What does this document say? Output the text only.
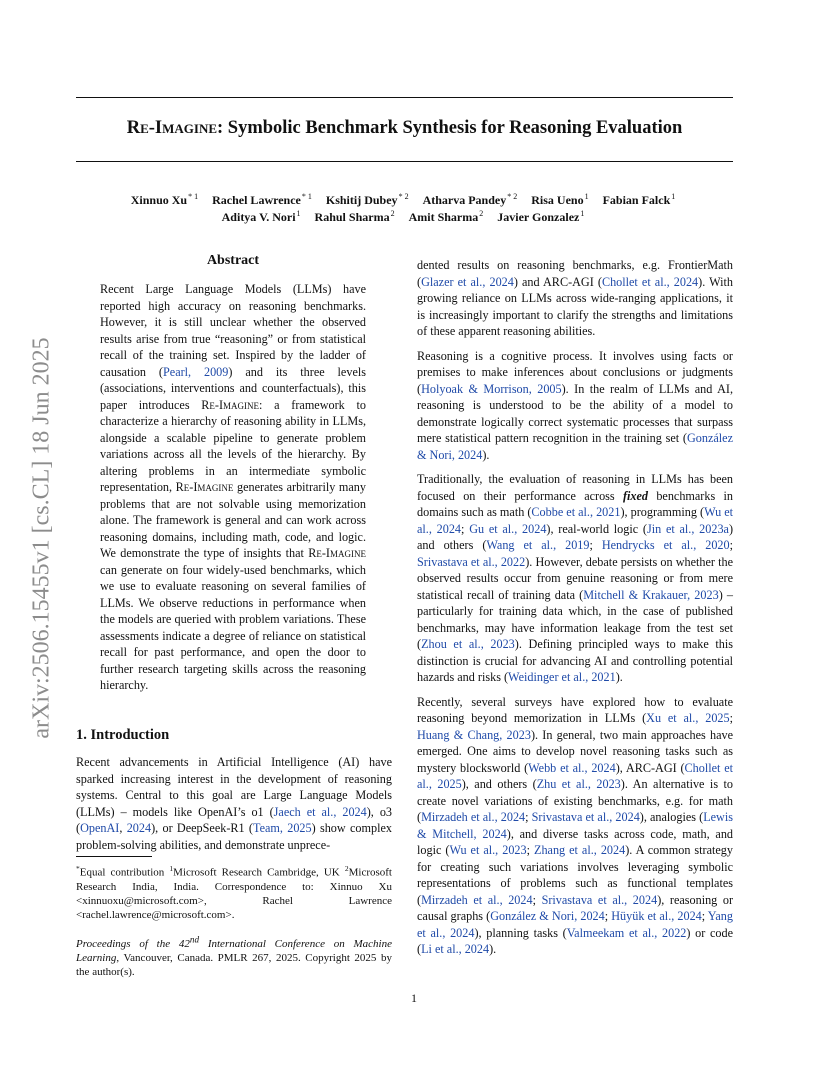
Re-Imagine: Symbolic Benchmark Synthesis for Reasoning Evaluation
Xinnuo Xu$^{* 1}$ Rachel Lawrence$^{* 1}$ Kshitij Dubey$^{* 2}$ Atharva Pandey$^{* 2}$ Risa Ueno$^1$ Fabian Falck$^1$
Aditya V. Nori$^1$ Rahul Sharma$^2$ Amit Sharma$^2$ Javier Gonzalez$^1$
arXiv:2506.15455v1 [cs.CL] 18 Jun 2025
Abstract
Recent Large Language Models (LLMs) have reported high accuracy on reasoning benchmarks. However, it is still unclear whether the observed results arise from true “reasoning” or from statistical recall of the training set. Inspired by the ladder of causation (Pearl, 2009) and its three levels (associations, interventions and counterfactuals), this paper introduces Re-Imagine: a framework to characterize a hierarchy of reasoning ability in LLMs, alongside a scalable pipeline to generate problem variations across all the levels of the hierarchy. By altering problems in an intermediate symbolic representation, Re-Imagine generates arbitrarily many problems that are not solvable using memorization alone. The framework is general and can work across reasoning domains, including math, code, and logic. We demonstrate the type of insights that Re-Imagine can generate on four widely-used benchmarks, which we use to evaluate reasoning on several families of LLMs. We observe reductions in performance when the models are queried with problem variations. These assessments indicate a degree of reliance on statistical recall for past performance, and open the door to further research targeting skills across the reasoning hierarchy.
1. Introduction
Recent advancements in Artificial Intelligence (AI) have sparked increasing interest in the development of reasoning systems. Central to this goal are Large Language Models (LLMs) – models like OpenAI’s o1 (Jaech et al., 2024), o3 (OpenAI, 2024), or DeepSeek-R1 (Team, 2025) show complex problem-solving abilities, and demonstrate unprece-
*Equal contribution $^1$Microsoft Research Cambridge, UK $^2$Microsoft Research India, India. Correspondence to: Xinnuo Xu <xinnuoxu@microsoft.com>, Rachel Lawrence <rachel.lawrence@microsoft.com>.
Proceedings of the 42nd International Conference on Machine Learning, Vancouver, Canada. PMLR 267, 2025. Copyright 2025 by the author(s).

dented results on reasoning benchmarks, e.g. FrontierMath (Glazer et al., 2024) and ARC-AGI (Chollet et al., 2024). With growing reliance on LLMs across wide-ranging applications, it is increasingly important to clarify the strengths and limitations of these apparent reasoning abilities.

Reasoning is a cognitive process. It involves using facts or premises to make inferences about conclusions or judgments (Holyoak & Morrison, 2005). In the realm of LLMs and AI, reasoning is understood to be the ability of a model to demonstrate logically correct systematic processes that surpass mere statistical pattern recognition in the training set (González & Nori, 2024).

Traditionally, the evaluation of reasoning in LLMs has been focused on their performance across fixed benchmarks in domains such as math (Cobbe et al., 2021), programming (Wu et al., 2024; Gu et al., 2024), real-world logic (Jin et al., 2023a) and others (Wang et al., 2019; Hendrycks et al., 2020; Srivastava et al., 2022). However, debate persists on whether the observed results occur from genuine reasoning or from mere statistical recall of training data (Mitchell & Krakauer, 2023) – particularly for training data which, in the case of published benchmarks, may have information leakage from the test set (Zhou et al., 2023). Defining principled ways to make this distinction is crucial for advancing AI and controlling potential hazards and risks (Weidinger et al., 2021).

Recently, several surveys have explored how to evaluate reasoning beyond memorization in LLMs (Xu et al., 2025; Huang & Chang, 2023). In general, two main approaches have emerged. One aims to develop novel reasoning tasks such as mystery blocksworld (Webb et al., 2024), ARC-AGI (Chollet et al., 2025), and others (Zhu et al., 2023). An alternative is to create novel variations of existing benchmarks, e.g. for math (Mirzadeh et al., 2024; Srivastava et al., 2024), analogies (Lewis & Mitchell, 2024), and diverse tasks across code, math, and logic (Wu et al., 2023; Zhang et al., 2024). A common strategy for creating such variations involves leveraging symbolic representations of problems such as functional templates (Mirzadeh et al., 2024; Srivastava et al., 2024), reasoning or causal graphs (González & Nori, 2024; Hüyük et al., 2024; Yang et al., 2024), planning tasks (Valmeekam et al., 2022) or code (Li et al., 2024).

1
